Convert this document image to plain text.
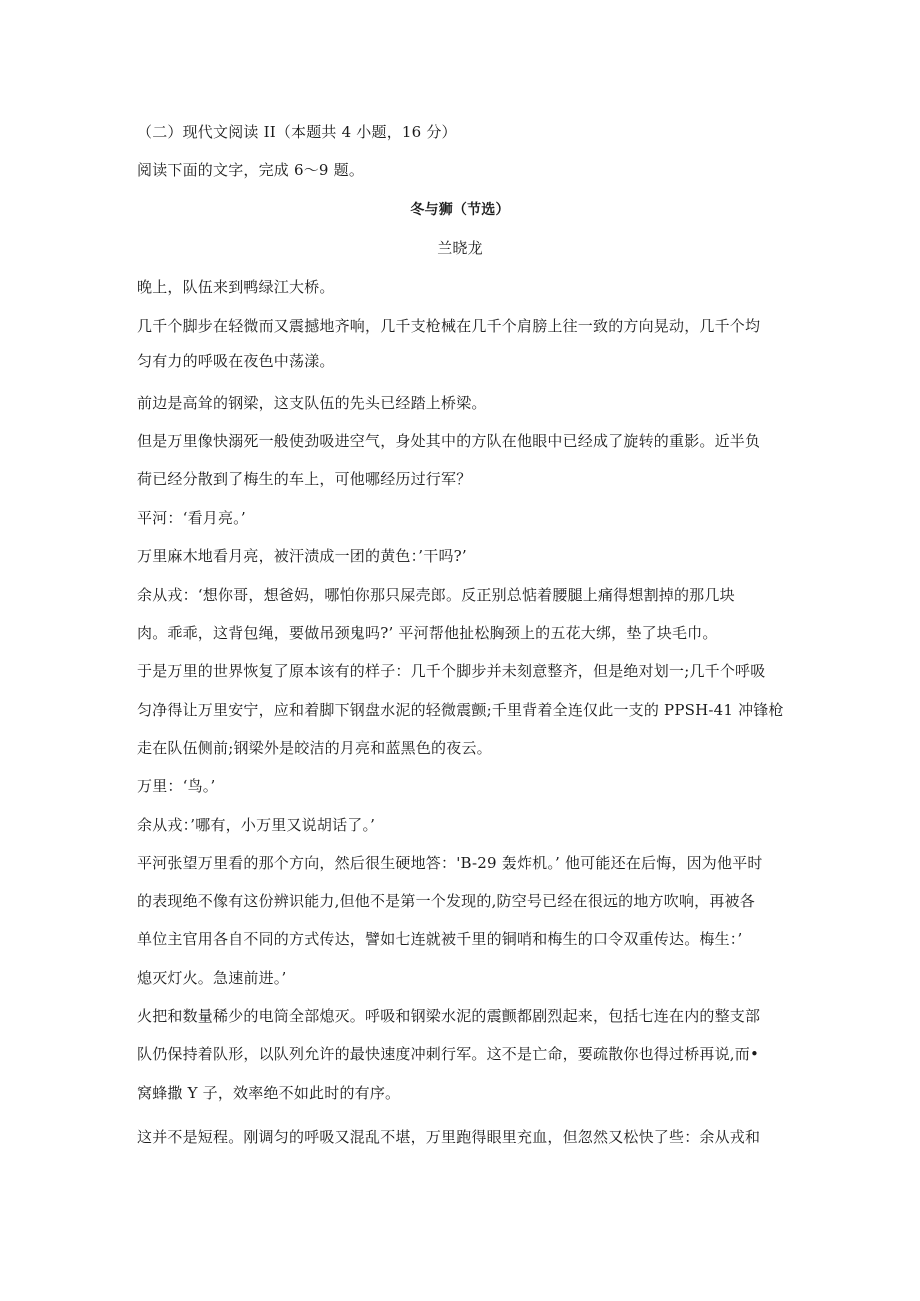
（二）现代文阅读 II（本题共 4 小题，16 分）
阅读下面的文字，完成 6～9 题。
冬与狮（节选）
兰晓龙
晚上，队伍来到鸭绿江大桥。
几千个脚步在轻微而又震撼地齐响，几千支枪械在几千个肩膀上往一致的方向晃动，几千个均
匀有力的呼吸在夜色中荡漾。
前边是高耸的钢梁，这支队伍的先头已经踏上桥梁。
但是万里像快溺死一般使劲吸进空气，身处其中的方队在他眼中已经成了旋转的重影。近半负
荷已经分散到了梅生的车上，可他哪经历过行军？
平河：‘看月亮。’
万里麻木地看月亮，被汗渍成一团的黄色：’干吗?’
余从戎：‘想你哥，想爸妈，哪怕你那只屎壳郎。反正别总惦着腰腿上痛得想割掉的那几块
肉。乖乖，这背包绳，要做吊颈鬼吗?’ 平河帮他扯松胸颈上的五花大绑，垫了块毛巾。
于是万里的世界恢复了原本该有的样子：几千个脚步并未刻意整齐，但是绝对划一;几千个呼吸
匀净得让万里安宁，应和着脚下钢盘水泥的轻微震颤;千里背着全连仅此一支的 PPSH-41 冲锋枪
走在队伍侧前;钢梁外是皎洁的月亮和蓝黑色的夜云。
万里：‘鸟。’
余从戎：’哪有，小万里又说胡话了。’
平河张望万里看的那个方向，然后很生硬地答：'B-29 轰炸机。’ 他可能还在后悔，因为他平时
的表现绝不像有这份辨识能力,但他不是第一个发现的,防空号已经在很远的地方吹响，再被各
单位主官用各自不同的方式传达，譬如七连就被千里的铜哨和梅生的口令双重传达。梅生：’
熄灭灯火。急速前进。’
火把和数量稀少的电筒全部熄灭。呼吸和钢梁水泥的震颤都剧烈起来，包括七连在内的整支部
队仍保持着队形，以队列允许的最快速度冲刺行军。这不是亡命，要疏散你也得过桥再说,而•
窝蜂撒 Y 子，效率绝不如此时的有序。
这并不是短程。刚调匀的呼吸又混乱不堪，万里跑得眼里充血，但忽然又松快了些：余从戎和
